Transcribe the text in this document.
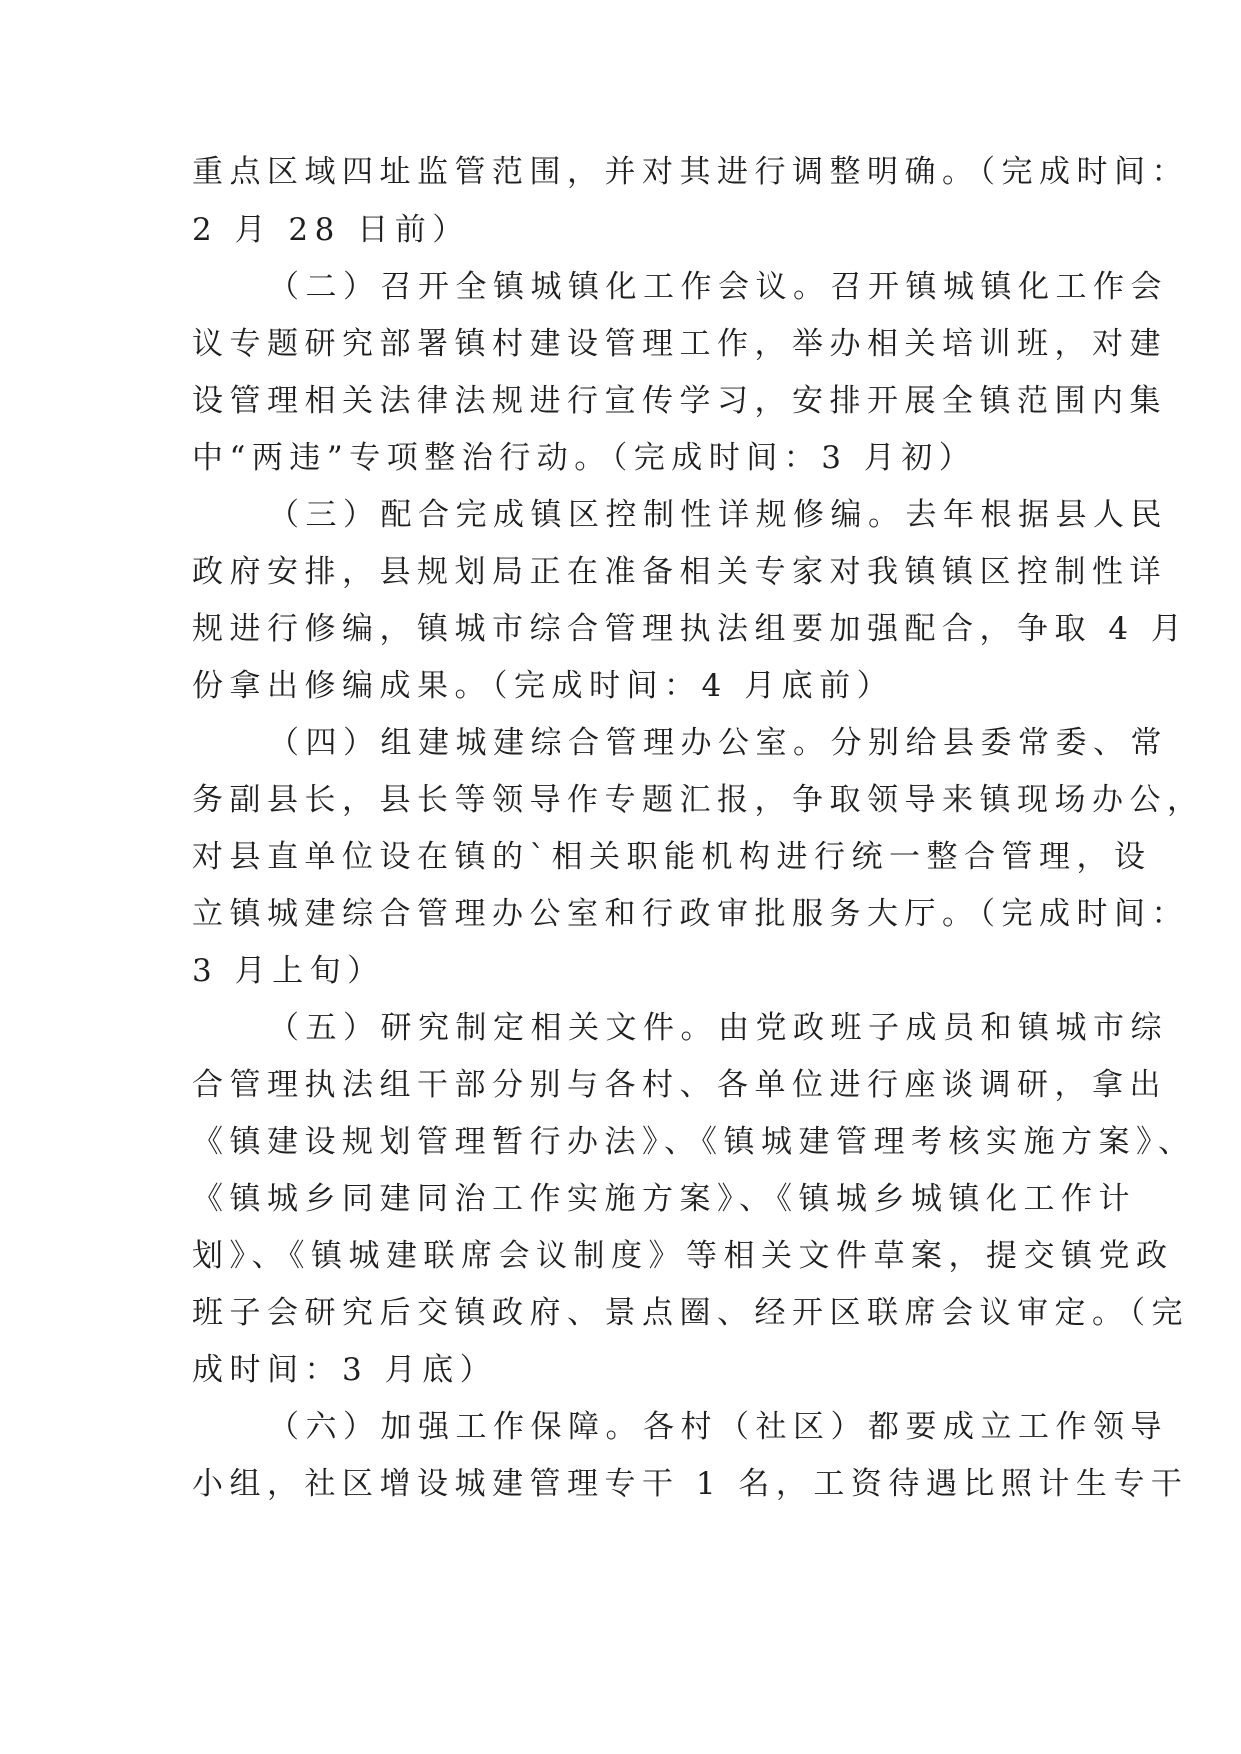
重点区域四址监管范围，并对其进行调整明确。（完成时间：
2 月 28 日前）
（二）召开全镇城镇化工作会议。召开镇城镇化工作会
议专题研究部署镇村建设管理工作，举办相关培训班，对建
设管理相关法律法规进行宣传学习，安排开展全镇范围内集
中“两违”专项整治行动。（完成时间：3 月初）
（三）配合完成镇区控制性详规修编。去年根据县人民
政府安排，县规划局正在准备相关专家对我镇镇区控制性详
规进行修编，镇城市综合管理执法组要加强配合，争取 4 月
份拿出修编成果。（完成时间：4 月底前）
（四）组建城建综合管理办公室。分别给县委常委、常
务副县长，县长等领导作专题汇报，争取领导来镇现场办公，
对县直单位设在镇的`相关职能机构进行统一整合管理，设
立镇城建综合管理办公室和行政审批服务大厅。（完成时间：
3 月上旬）
（五）研究制定相关文件。由党政班子成员和镇城市综
合管理执法组干部分别与各村、各单位进行座谈调研，拿出
《镇建设规划管理暂行办法》、《镇城建管理考核实施方案》、
《镇城乡同建同治工作实施方案》、《镇城乡城镇化工作计
划》、《镇城建联席会议制度》等相关文件草案，提交镇党政
班子会研究后交镇政府、景点圈、经开区联席会议审定。（完
成时间：3 月底）
（六）加强工作保障。各村（社区）都要成立工作领导
小组，社区增设城建管理专干 1 名，工资待遇比照计生专干
